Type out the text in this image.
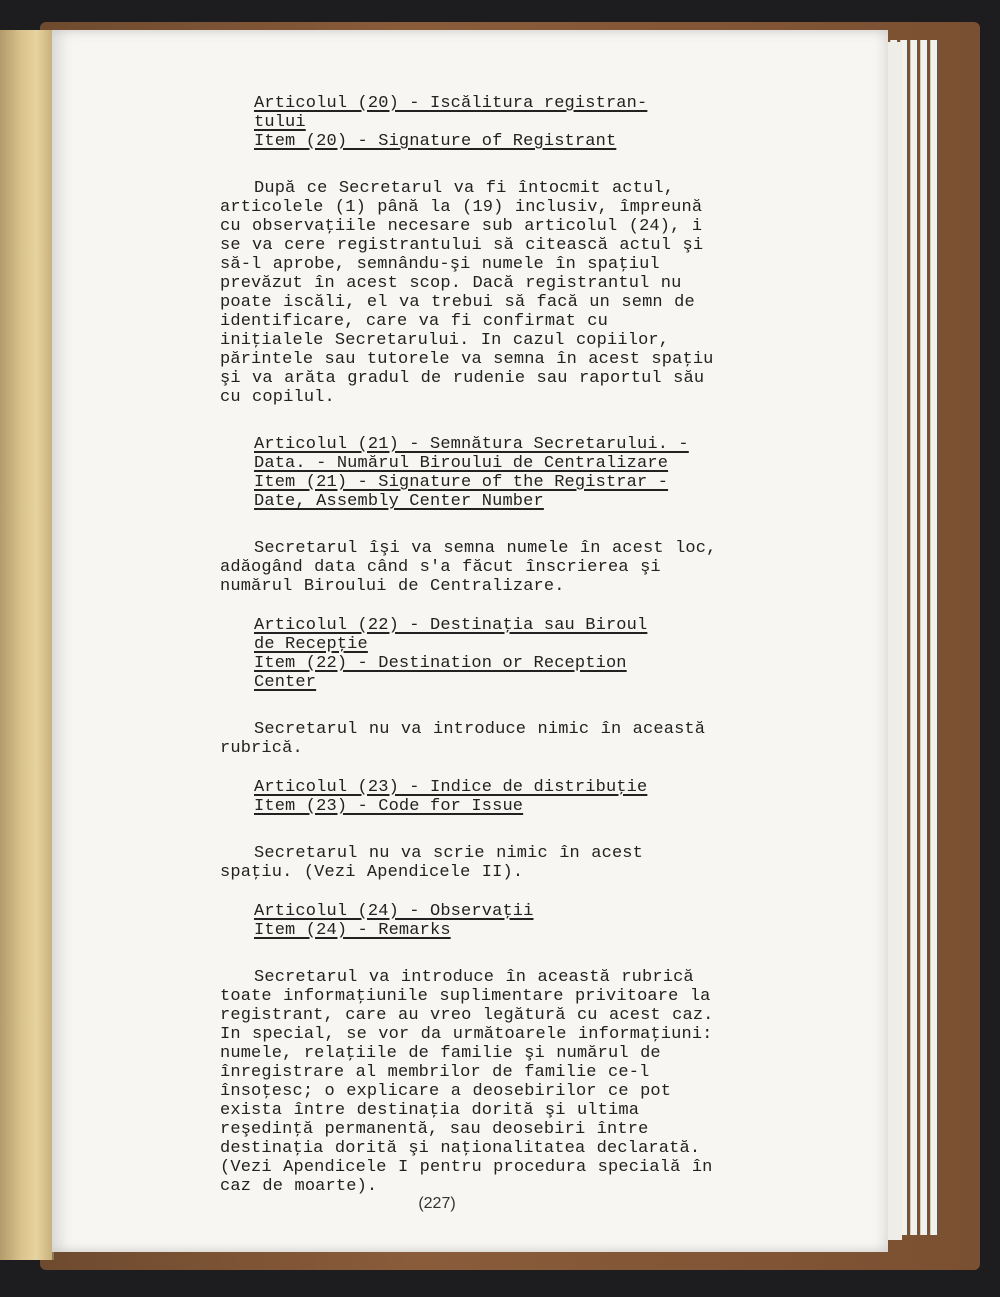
Articolul (20) - Iscălitura registran-

tului

Item (20) - Signature of Registrant

După ce Secretarul va fi întocmit actul, articolele (1) până la (19) inclusiv, împreună cu observaţiile necesare sub articolul (24), i se va cere registrantului să citească actul şi să-l aprobe, semnându-şi numele în spaţiul prevăzut în acest scop. Dacă registrantul nu poate iscăli, el va trebui să facă un semn de identificare, care va fi confirmat cu iniţialele Secretarului. In cazul copiilor, părintele sau tutorele va semna în acest spaţiu şi va arăta gradul de rudenie sau raportul său cu copilul.

Articolul (21) - Semnătura Secretarului. -

Data. - Numărul Biroului de Centralizare

Item (21) - Signature of the Registrar -

Date, Assembly Center Number

Secretarul îşi va semna numele în acest loc, adăogând data când s'a făcut înscrierea şi numărul Biroului de Centralizare.

Articolul (22) - Destinaţia sau Biroul

de Recepţie

Item (22) - Destination or Reception

Center

Secretarul nu va introduce nimic în această rubrică.

Articolul (23) - Indice de distribuţie

Item (23) - Code for Issue

Secretarul nu va scrie nimic în acest spaţiu. (Vezi Apendicele II).

Articolul (24) - Observaţii

Item (24) - Remarks

Secretarul va introduce în această rubrică toate informaţiunile suplimentare privitoare la registrant, care au vreo legătură cu acest caz. In special, se vor da următoarele informaţiuni: numele, relaţiile de familie şi numărul de înregistrare al membrilor de familie ce-l însoţesc; o explicare a deosebirilor ce pot exista între destinaţia dorită şi ultima reşedinţă permanentă, sau deosebiri între destinaţia dorită şi naţionalitatea declarată. (Vezi Apendicele I pentru procedura specială în caz de moarte).

(227)
